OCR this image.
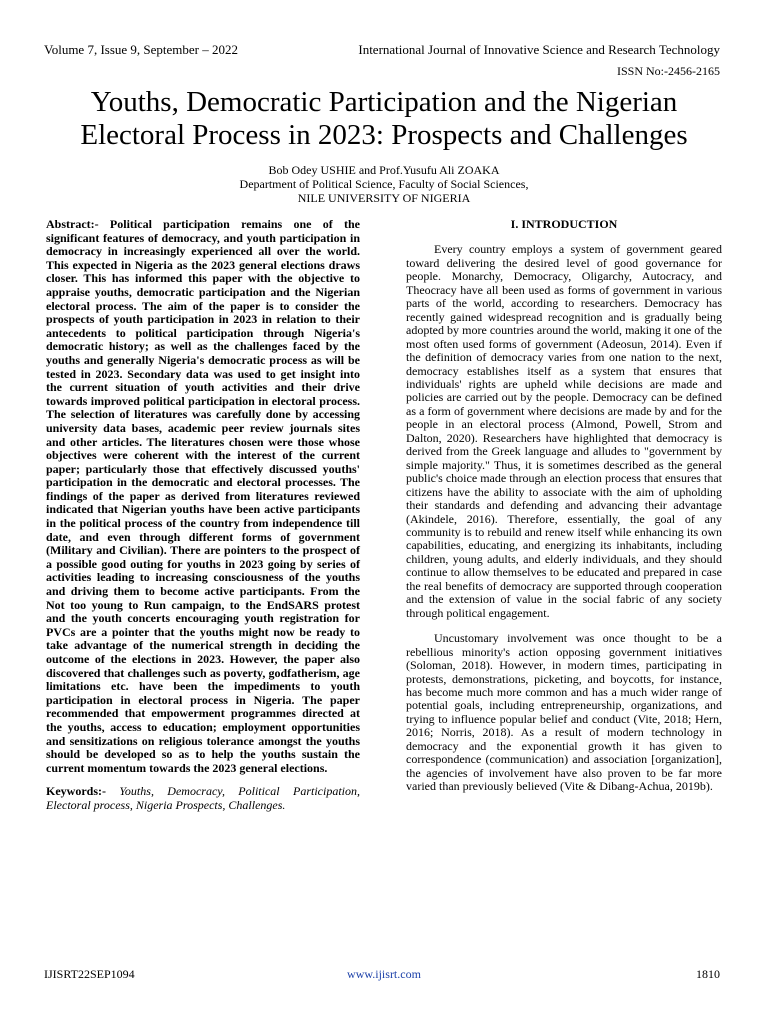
Volume 7, Issue 9, September – 2022	International Journal of Innovative Science and Research Technology
ISSN No:-2456-2165
Youths, Democratic Participation and the Nigerian
Electoral Process in 2023: Prospects and Challenges
Bob Odey USHIE and Prof.Yusufu Ali ZOAKA
Department of Political Science, Faculty of Social Sciences,
NILE UNIVERSITY OF NIGERIA

Abstract:- Political participation remains one of the significant features of democracy, and youth participation in democracy in increasingly experienced all over the world. This expected in Nigeria as the 2023 general elections draws closer. This has informed this paper with the objective to appraise youths, democratic participation and the Nigerian electoral process. The aim of the paper is to consider the prospects of youth participation in 2023 in relation to their antecedents to political participation through Nigeria's democratic history; as well as the challenges faced by the youths and generally Nigeria's democratic process as will be tested in 2023. Secondary data was used to get insight into the current situation of youth activities and their drive towards improved political participation in electoral process. The selection of literatures was carefully done by accessing university data bases, academic peer review journals sites and other articles. The literatures chosen were those whose objectives were coherent with the interest of the current paper; particularly those that effectively discussed youths' participation in the democratic and electoral processes. The findings of the paper as derived from literatures reviewed indicated that Nigerian youths have been active participants in the political process of the country from independence till date, and even through different forms of government (Military and Civilian). There are pointers to the prospect of a possible good outing for youths in 2023 going by series of activities leading to increasing consciousness of the youths and driving them to become active participants. From the Not too young to Run campaign, to the EndSARS protest and the youth concerts encouraging youth registration for PVCs are a pointer that the youths might now be ready to take advantage of the numerical strength in deciding the outcome of the elections in 2023. However, the paper also discovered that challenges such as poverty, godfatherism, age limitations etc. have been the impediments to youth participation in electoral process in Nigeria. The paper recommended that empowerment programmes directed at the youths, access to education; employment opportunities and sensitizations on religious tolerance amongst the youths should be developed so as to help the youths sustain the current momentum towards the 2023 general elections.

Keywords:- Youths, Democracy, Political Participation, Electoral process, Nigeria Prospects, Challenges.

I. INTRODUCTION

Every country employs a system of government geared toward delivering the desired level of good governance for people. Monarchy, Democracy, Oligarchy, Autocracy, and Theocracy have all been used as forms of government in various parts of the world, according to researchers. Democracy has recently gained widespread recognition and is gradually being adopted by more countries around the world, making it one of the most often used forms of government (Adeosun, 2014). Even if the definition of democracy varies from one nation to the next, democracy establishes itself as a system that ensures that individuals' rights are upheld while decisions are made and policies are carried out by the people. Democracy can be defined as a form of government where decisions are made by and for the people in an electoral process (Almond, Powell, Strom and Dalton, 2020). Researchers have highlighted that democracy is derived from the Greek language and alludes to "government by simple majority." Thus, it is sometimes described as the general public's choice made through an election process that ensures that citizens have the ability to associate with the aim of upholding their standards and defending and advancing their advantage (Akindele, 2016). Therefore, essentially, the goal of any community is to rebuild and renew itself while enhancing its own capabilities, educating, and energizing its inhabitants, including children, young adults, and elderly individuals, and they should continue to allow themselves to be educated and prepared in case the real benefits of democracy are supported through cooperation and the extension of value in the social fabric of any society through political engagement.

Uncustomary involvement was once thought to be a rebellious minority's action opposing government initiatives (Soloman, 2018). However, in modern times, participating in protests, demonstrations, picketing, and boycotts, for instance, has become much more common and has a much wider range of potential goals, including entrepreneurship, organizations, and trying to influence popular belief and conduct (Vite, 2018; Hern, 2016; Norris, 2018). As a result of modern technology in democracy and the exponential growth it has given to correspondence (communication) and association [organization], the agencies of involvement have also proven to be far more varied than previously believed (Vite & Dibang-Achua, 2019b).

IJISRT22SEP1094	www.ijisrt.com	1810
